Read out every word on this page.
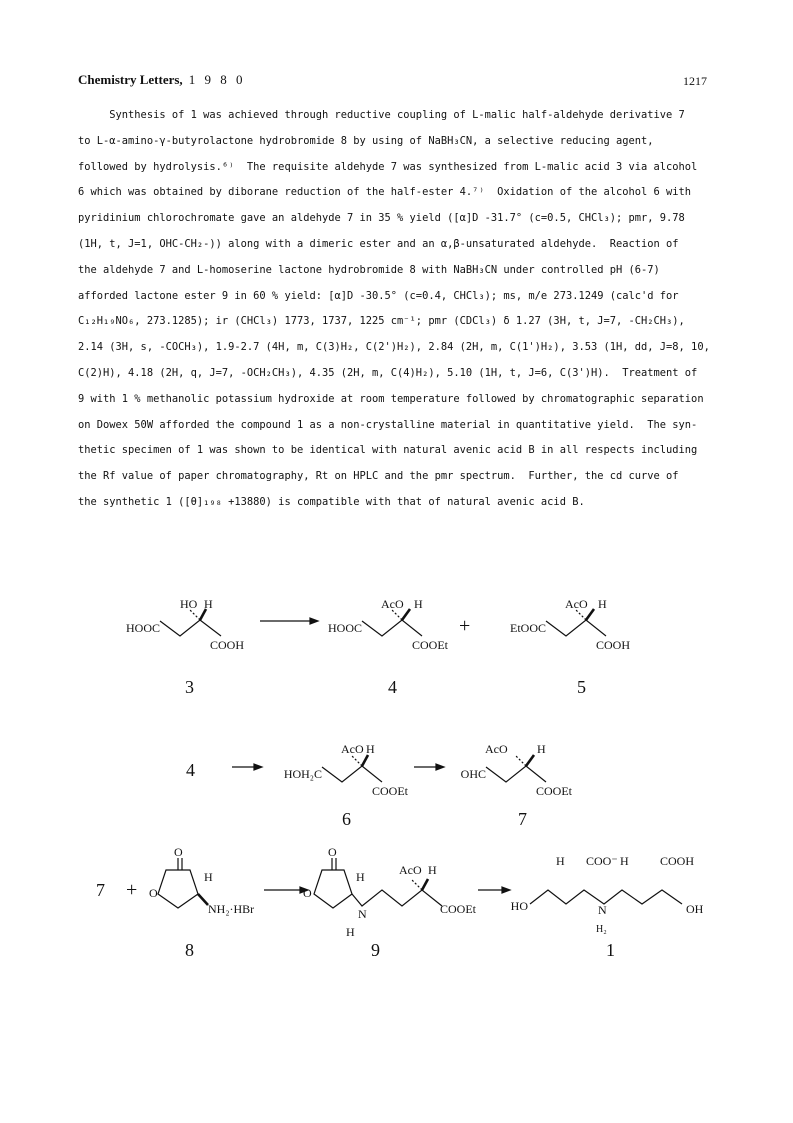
Chemistry Letters, 1 9 8 0	1217
Synthesis of 1 was achieved through reductive coupling of L-malic half-aldehyde derivative 7
to L-α-amino-γ-butyrolactone hydrobromide 8 by using of NaBH₃CN, a selective reducing agent,
followed by hydrolysis.⁶⁾  The requisite aldehyde 7 was synthesized from L-malic acid 3 via alcohol
6 which was obtained by diborane reduction of the half-ester 4.⁷⁾  Oxidation of the alcohol 6 with
pyridinium chlorochromate gave an aldehyde 7 in 35 % yield ([α]D -31.7° (c=0.5, CHCl₃); pmr, 9.78
(1H, t, J=1, OHC-CH₂-)) along with a dimeric ester and an α,β-unsaturated aldehyde.  Reaction of
the aldehyde 7 and L-homoserine lactone hydrobromide 8 with NaBH₃CN under controlled pH (6-7)
afforded lactone ester 9 in 60 % yield: [α]D -30.5° (c=0.4, CHCl₃); ms, m/e 273.1249 (calc'd for
C₁₂H₁₉NO₆, 273.1285); ir (CHCl₃) 1773, 1737, 1225 cm⁻¹; pmr (CDCl₃) δ 1.27 (3H, t, J=7, -CH₂CH₃),
2.14 (3H, s, -COCH₃), 1.9-2.7 (4H, m, C(3)H₂, C(2')H₂), 2.84 (2H, m, C(1')H₂), 3.53 (1H, dd, J=8, 10,
C(2)H), 4.18 (2H, q, J=7, -OCH₂CH₃), 4.35 (2H, m, C(4)H₂), 5.10 (1H, t, J=6, C(3')H).  Treatment of
9 with 1 % methanolic potassium hydroxide at room temperature followed by chromatographic separation
on Dowex 50W afforded the compound 1 as a non-crystalline material in quantitative yield.  The syn-
thetic specimen of 1 was shown to be identical with natural avenic acid B in all respects including
the Rf value of paper chromatography, Rt on HPLC and the pmr spectrum.  Further, the cd curve of
the synthetic 1 ([θ]₁₉₈ +13880) is compatible with that of natural avenic acid B.
HOOC
HO H
COOH
3
HOOC
AcO H
COOEt
+
4
EtOOC
AcO H
COOH
5
4	HOH₂C
AcO H
COOEt
6
OHC
AcO H
COOEt
7
7 +
O
O
H
NH₂·HBr
8
O
O
H
N
H
AcO H
COOEt
9
HO
H COO⁻ H	COOH
N
H₂
OH
1
